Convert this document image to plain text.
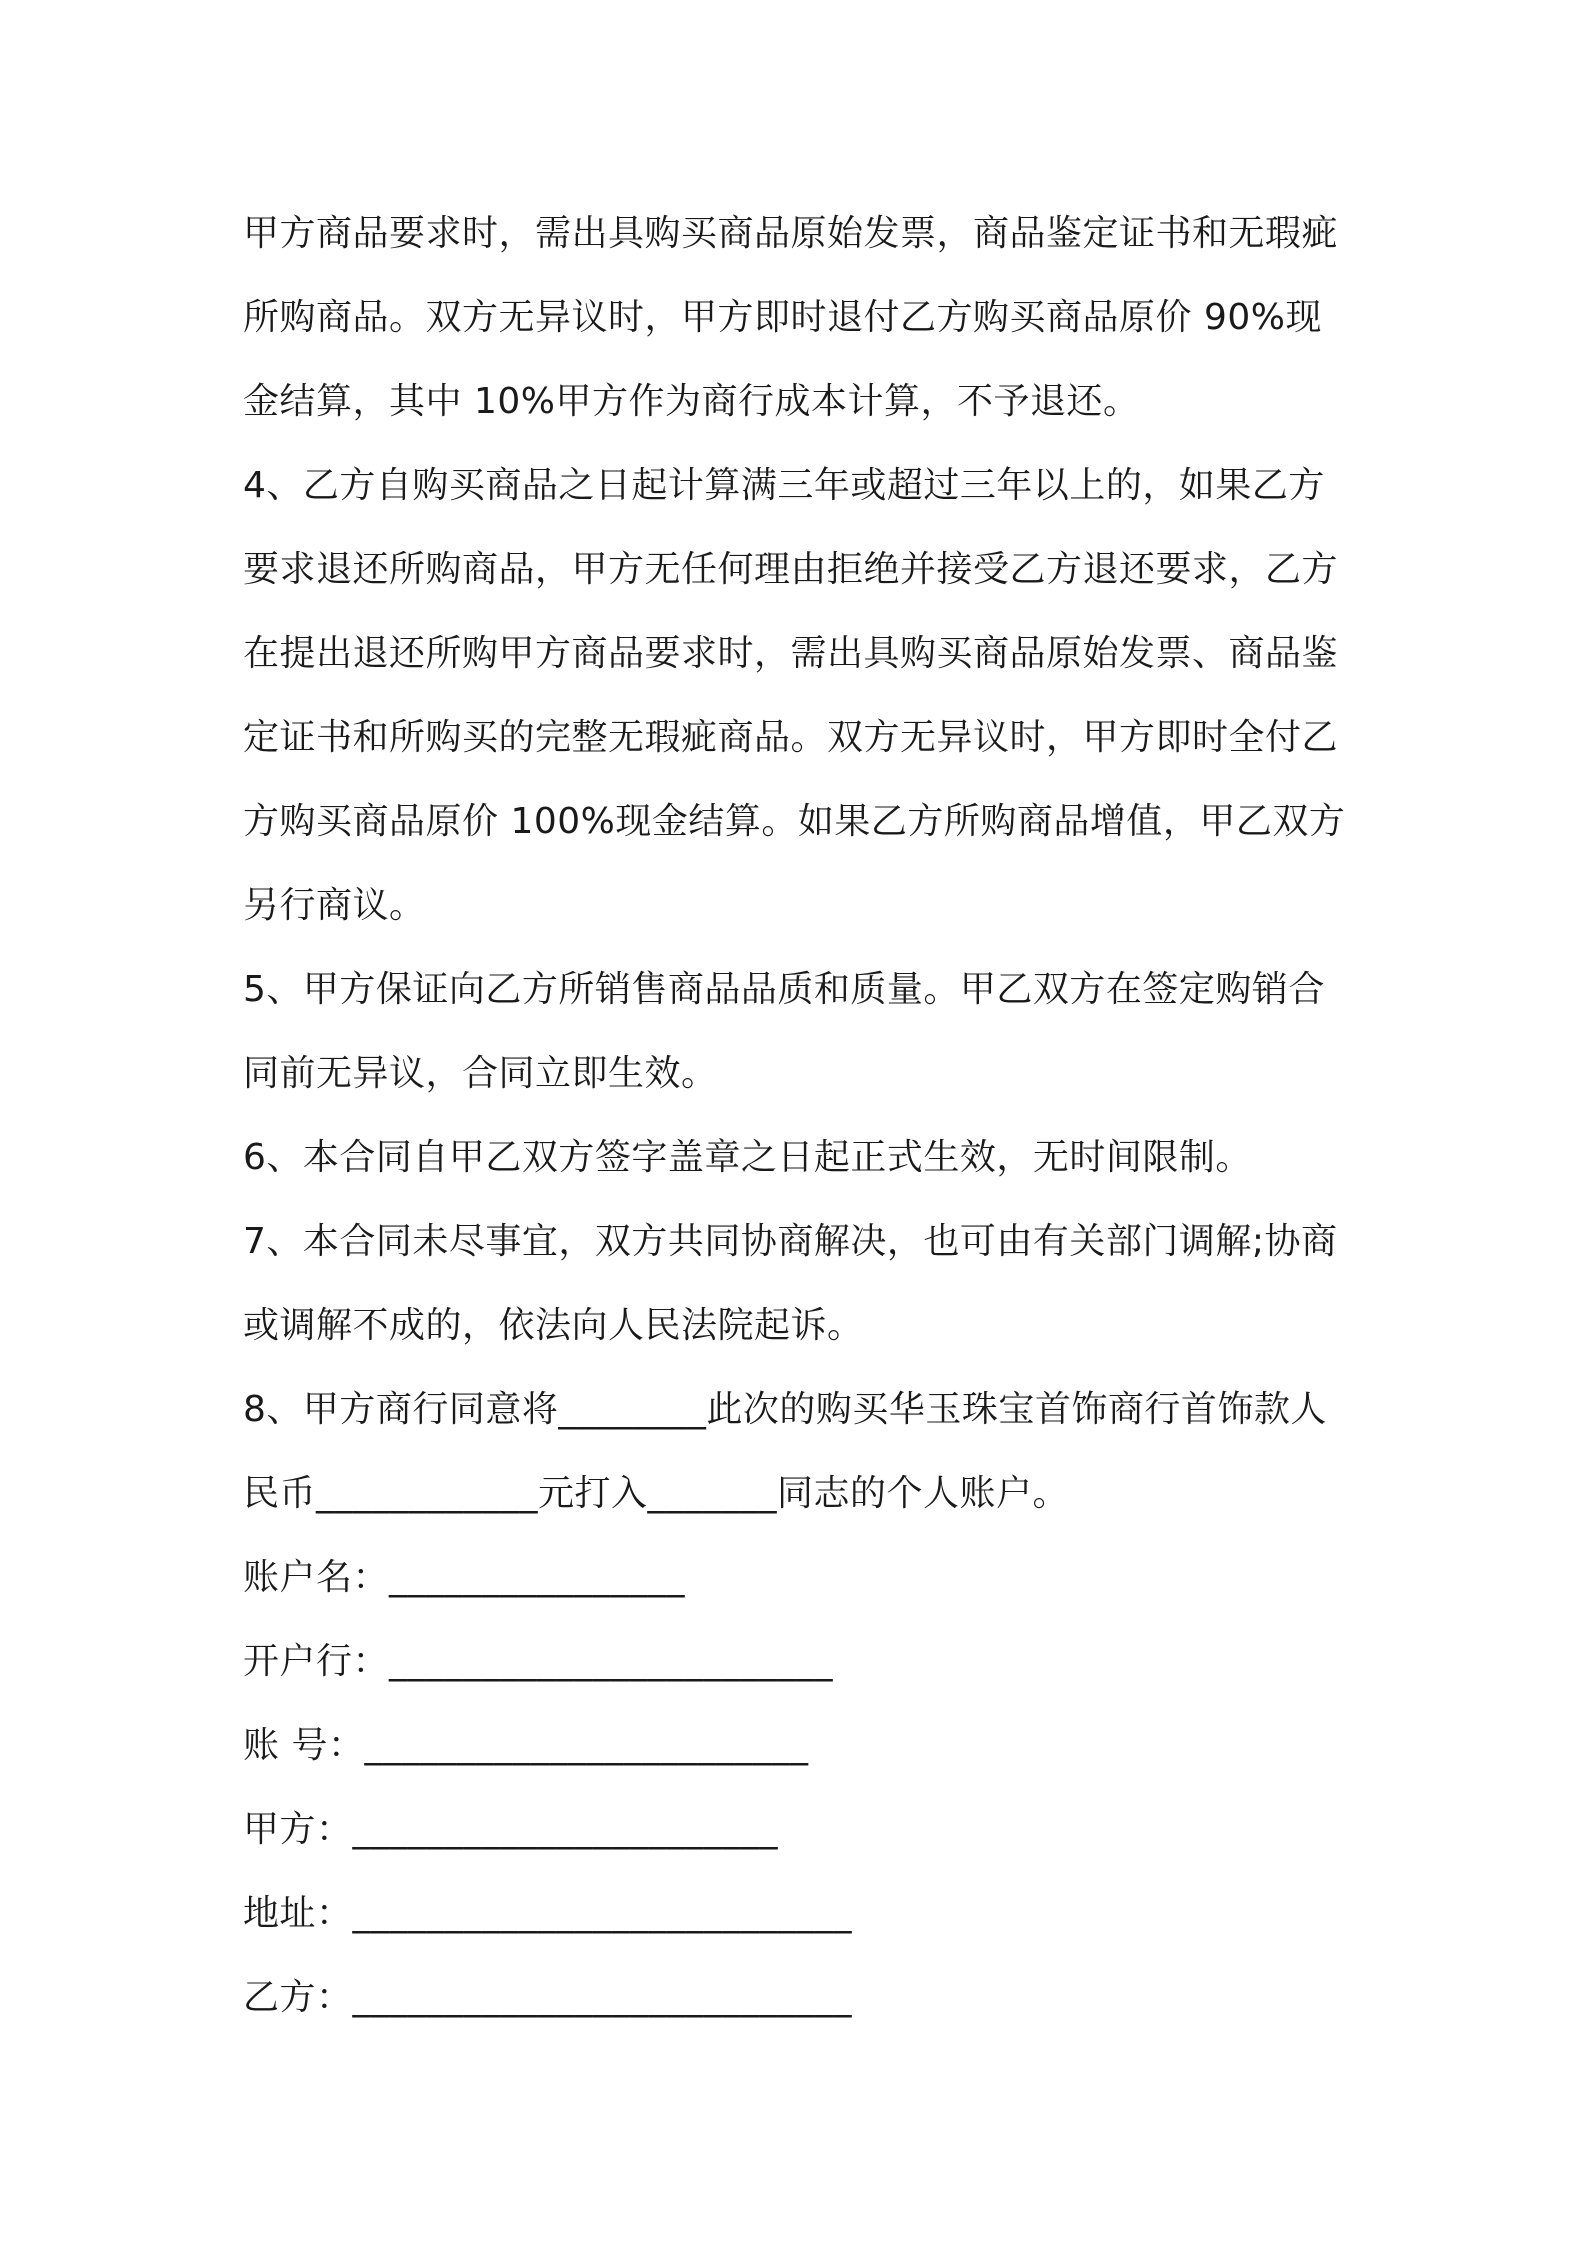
甲方商品要求时，需出具购买商品原始发票，商品鉴定证书和无瑕疵
所购商品。双方无异议时，甲方即时退付乙方购买商品原价 90%现
金结算，其中 10%甲方作为商行成本计算，不予退还。
4、乙方自购买商品之日起计算满三年或超过三年以上的，如果乙方
要求退还所购商品，甲方无任何理由拒绝并接受乙方退还要求，乙方
在提出退还所购甲方商品要求时，需出具购买商品原始发票、商品鉴
定证书和所购买的完整无瑕疵商品。双方无异议时，甲方即时全付乙
方购买商品原价 100%现金结算。如果乙方所购商品增值，甲乙双方
另行商议。
5、甲方保证向乙方所销售商品品质和质量。甲乙双方在签定购销合
同前无异议，合同立即生效。
6、本合同自甲乙双方签字盖章之日起正式生效，无时间限制。
7、本合同未尽事宜，双方共同协商解决，也可由有关部门调解;协商
或调解不成的，依法向人民法院起诉。
8、甲方商行同意将________此次的购买华玉珠宝首饰商行首饰款人
民币____________元打入_______同志的个人账户。
账户名：________________
开户行：________________________
账 号：________________________
甲方：_______________________
地址：___________________________
乙方：___________________________
